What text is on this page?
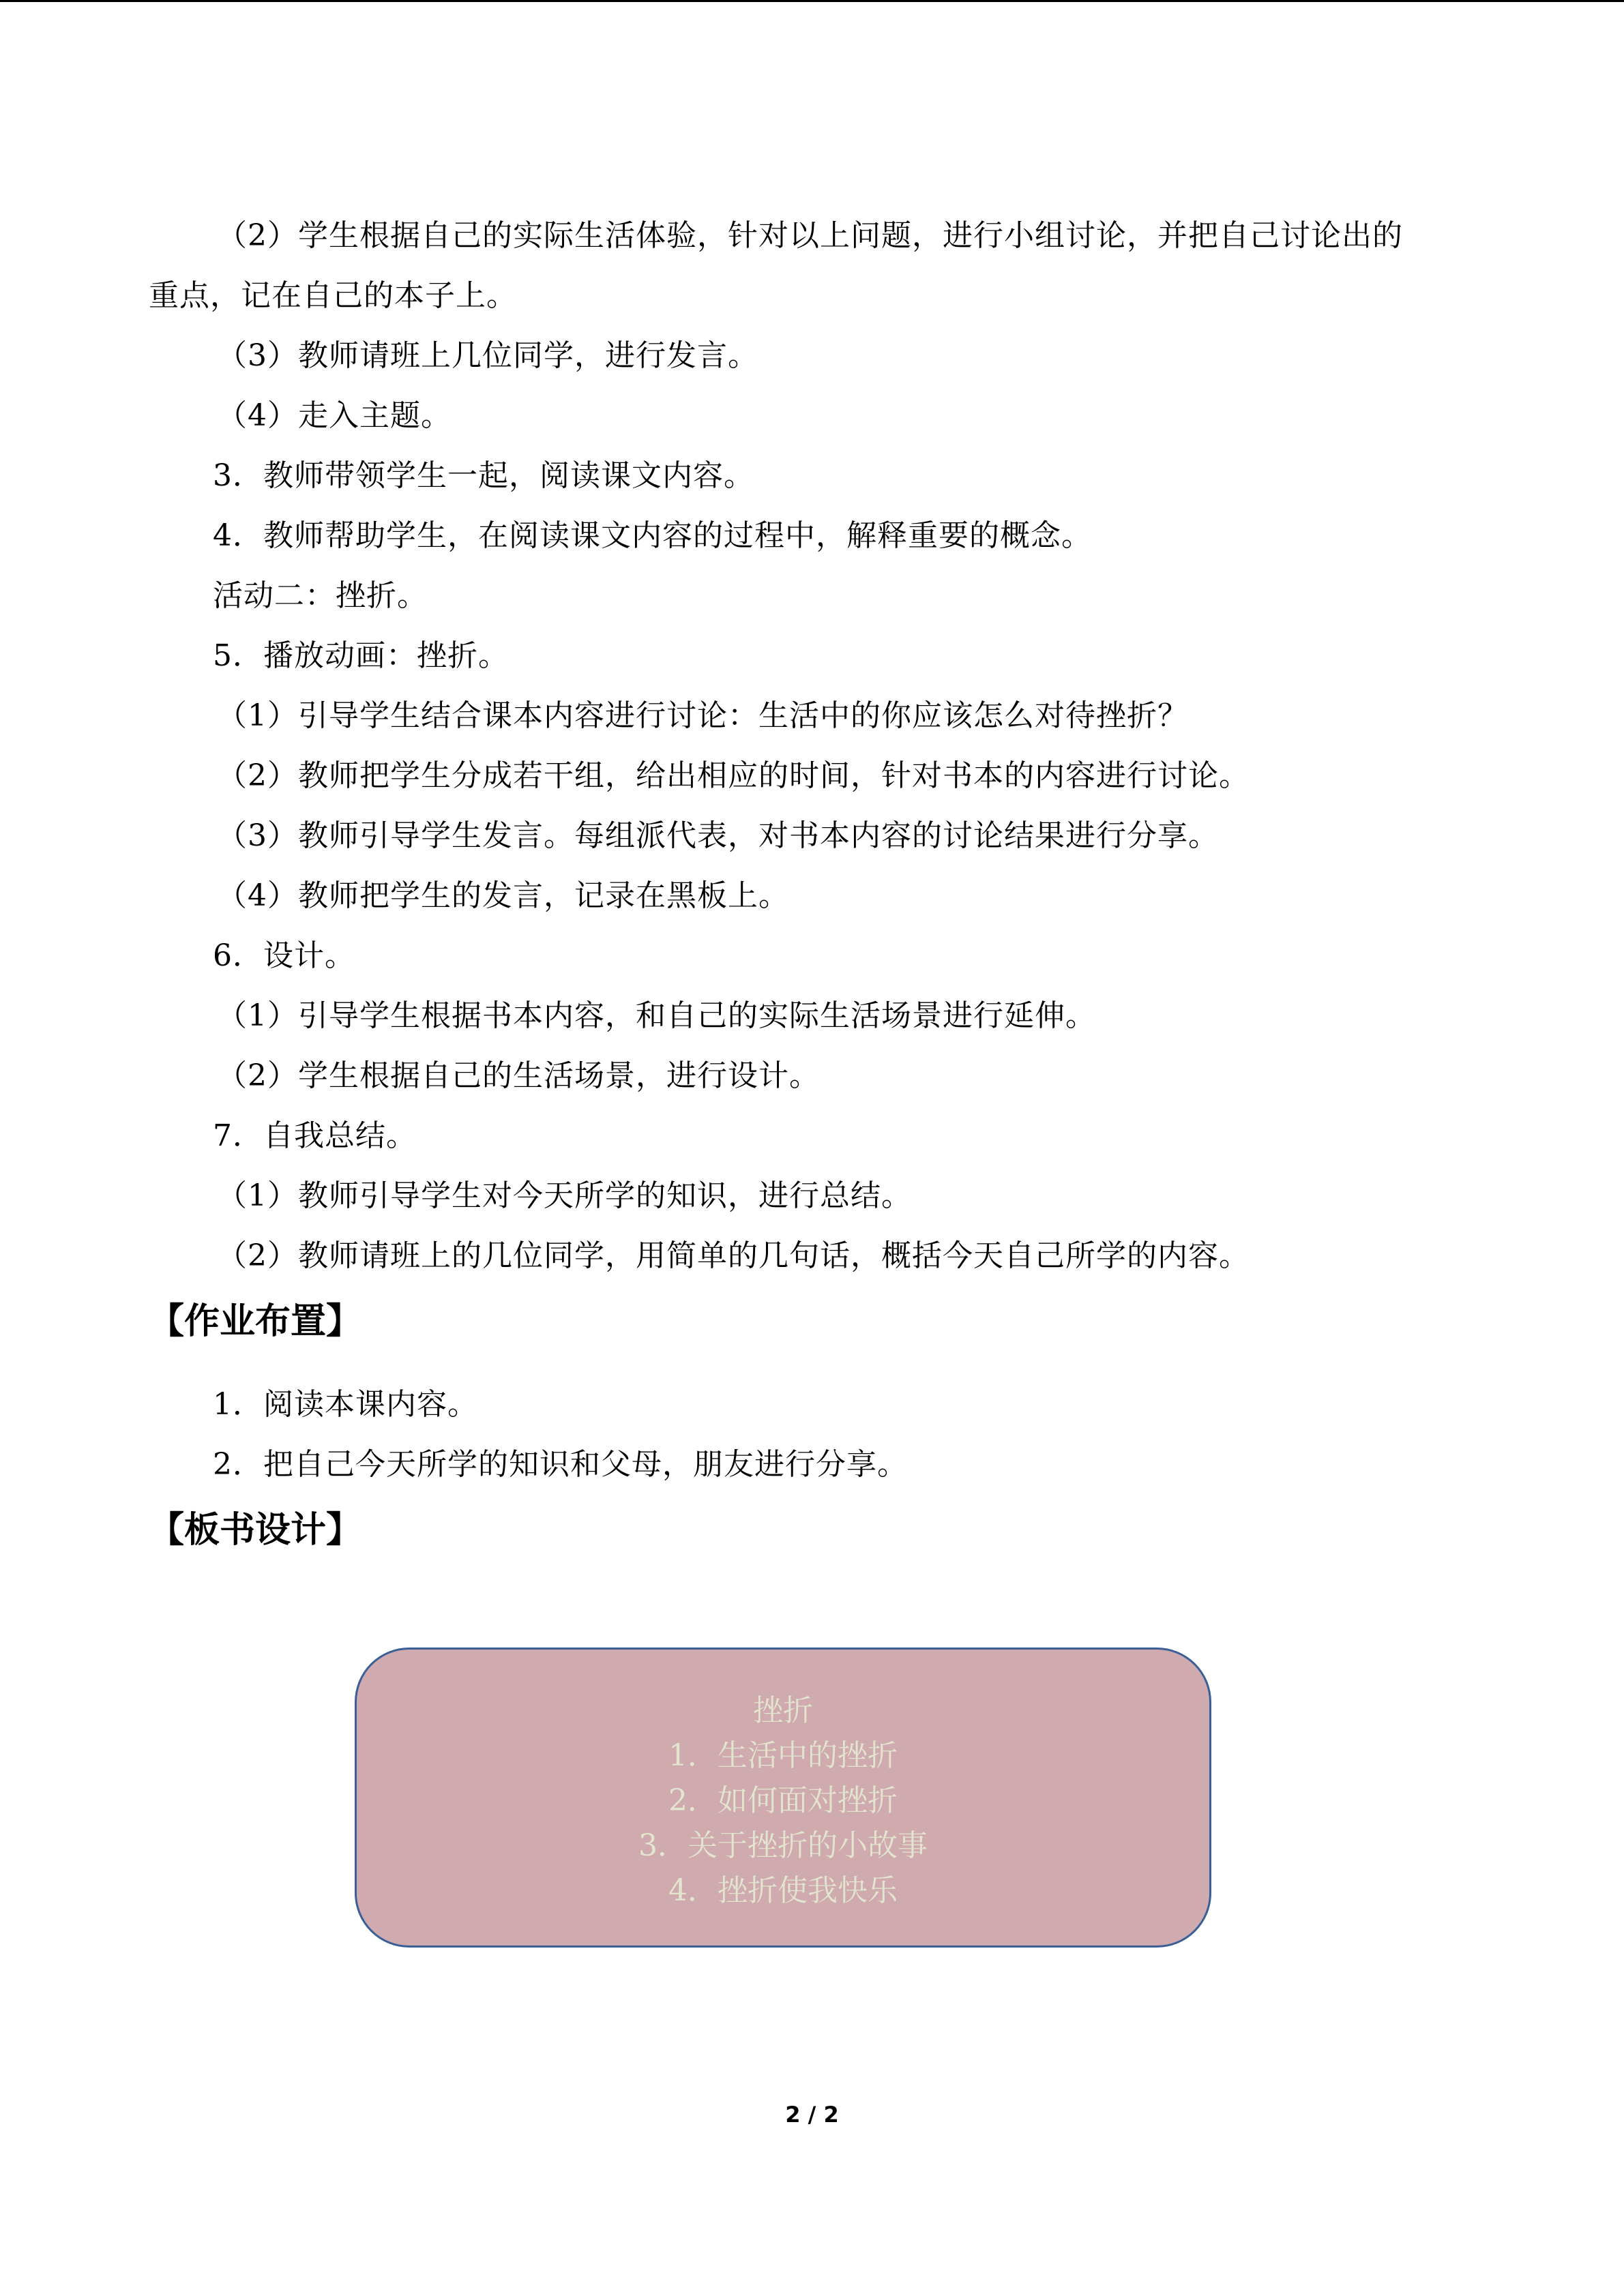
（2）学生根据自己的实际生活体验，针对以上问题，进行小组讨论，并把自己讨论出的
重点，记在自己的本子上。
（3）教师请班上几位同学，进行发言。
（4）走入主题。
3．教师带领学生一起，阅读课文内容。
4．教师帮助学生，在阅读课文内容的过程中，解释重要的概念。
活动二：挫折。
5．播放动画：挫折。
（1）引导学生结合课本内容进行讨论：生活中的你应该怎么对待挫折？
（2）教师把学生分成若干组，给出相应的时间，针对书本的内容进行讨论。
（3）教师引导学生发言。每组派代表，对书本内容的讨论结果进行分享。
（4）教师把学生的发言，记录在黑板上。
6．设计。
（1）引导学生根据书本内容，和自己的实际生活场景进行延伸。
（2）学生根据自己的生活场景，进行设计。
7．自我总结。
（1）教师引导学生对今天所学的知识，进行总结。
（2）教师请班上的几位同学，用简单的几句话，概括今天自己所学的内容。
【作业布置】
1．阅读本课内容。
2．把自己今天所学的知识和父母，朋友进行分享。
【板书设计】
挫折
1．生活中的挫折
2．如何面对挫折
3．关于挫折的小故事
4．挫折使我快乐
2 / 2
